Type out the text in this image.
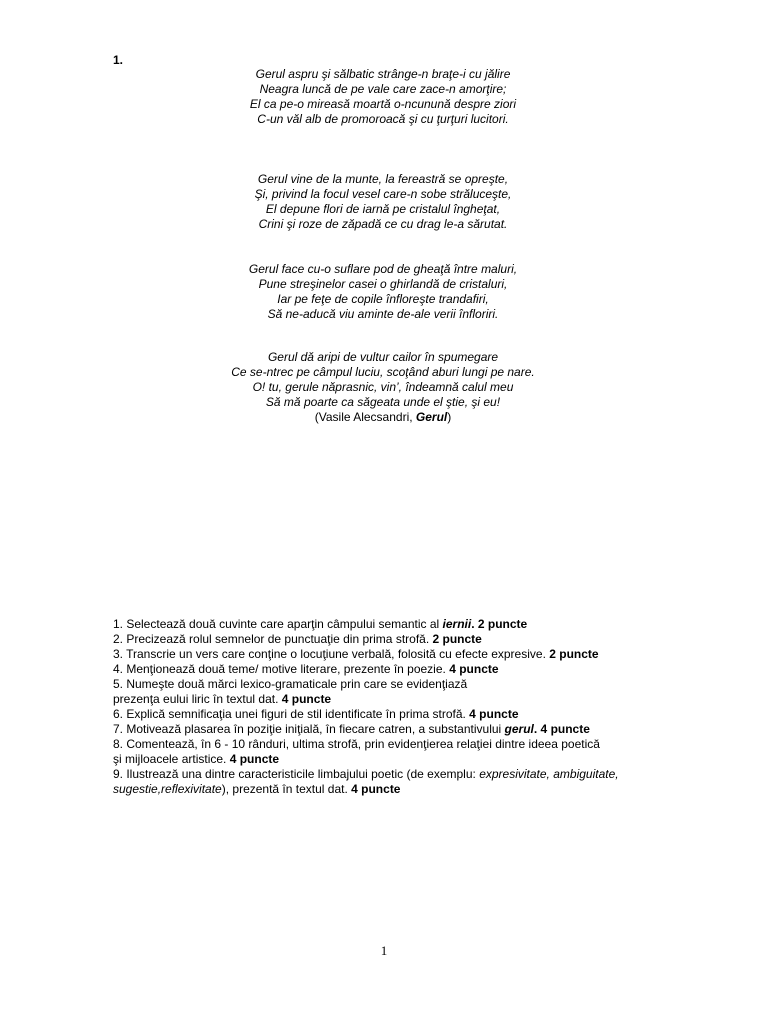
1.
Gerul aspru şi sălbatic strânge-n braţe-i cu jălire
Neagra luncă de pe vale care zace-n amorţire;
El ca pe-o mireasă moartă o-ncunună despre ziori
C-un văl alb de promoroacă şi cu ţurţuri lucitori.
Gerul vine de la munte, la fereastră se opreşte,
Şi, privind la focul vesel care-n sobe străluceşte,
El depune flori de iarnă pe cristalul îngheţat,
Crini şi roze de zăpadă ce cu drag le-a sărutat.
Gerul face cu-o suflare pod de gheaţă între maluri,
Pune streşinelor casei o ghirlandă de cristaluri,
Iar pe feţe de copile înfloreşte trandafiri,
Să ne-aducă viu aminte de-ale verii înfloriri.
Gerul dă aripi de vultur cailor în spumegare
Ce se-ntrec pe câmpul luciu, scoţând aburi lungi pe nare.
O! tu, gerule năprasnic, vin’, îndeamnă calul meu
Să mă poarte ca săgeata unde el ştie, şi eu!
(Vasile Alecsandri, Gerul)
1. Selectează două cuvinte care aparţin câmpului semantic al iernii. 2 puncte
2. Precizează rolul semnelor de punctuaţie din prima strofă. 2 puncte
3. Transcrie un vers care conţine o locuţiune verbală, folosită cu efecte expresive. 2 puncte
4. Menţionează două teme/ motive literare, prezente în poezie. 4 puncte
5. Numeşte două mărci lexico-gramaticale prin care se evidenţiază
prezenţa eului liric în textul dat. 4 puncte
6. Explică semnificaţia unei figuri de stil identificate în prima strofă. 4 puncte
7. Motivează plasarea în poziţie iniţială, în fiecare catren, a substantivului gerul. 4 puncte
8. Comentează, în 6 - 10 rânduri, ultima strofă, prin evidenţierea relaţiei dintre ideea poetică
şi mijloacele artistice. 4 puncte
9. Ilustrează una dintre caracteristicile limbajului poetic (de exemplu: expresivitate, ambiguitate,
sugestie,reflexivitate), prezentă în textul dat. 4 puncte
1
